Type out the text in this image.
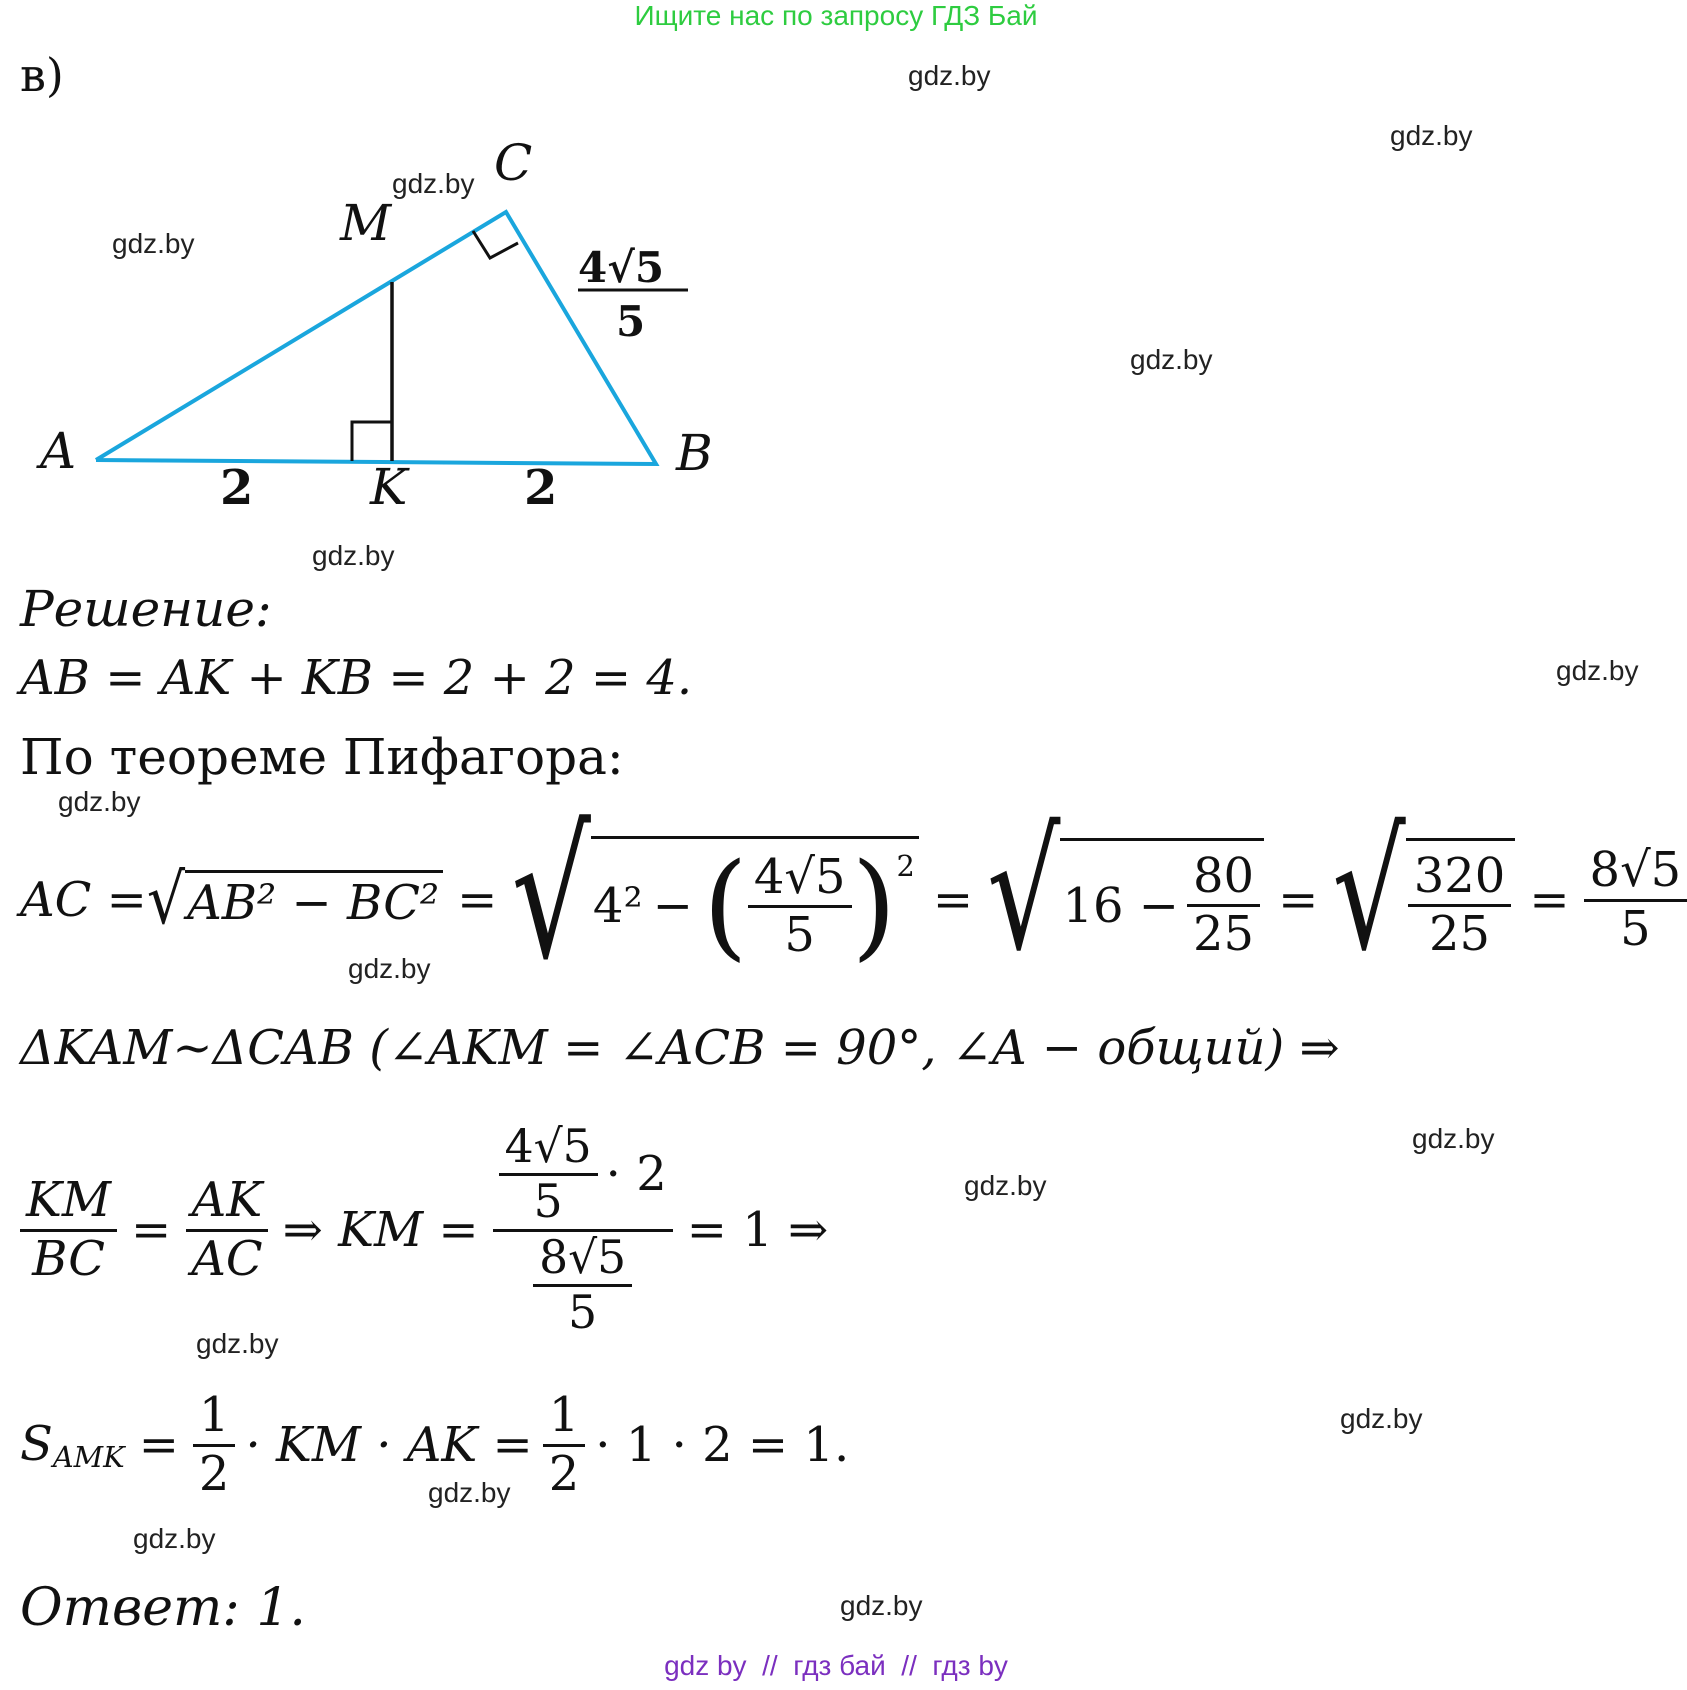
Ищите нас по запросу ГДЗ Бай
в)	gdz.by
gdz.by
gdz.by
gdz.by
gdz.by
gdz.by
gdz.by
gdz.by
gdz.by
gdz.by
gdz.by
gdz.by
gdz.by
gdz.by
gdz.by
gdz.by
A	B
C
M
K
2	2
4√5
5
Решение:
AB = AK + KB = 2 + 2 = 4.
По теореме Пифагора:
AC = √ AB² − BC² = √ 4² − ( $\frac{4√5}{5}$ ) 2
= √ $16 - \frac{80}{25}$ = √ $\frac{320}{25} = \frac{8√5}{5}$
ΔKAM~ΔCAB (∠AKM = ∠ACB = 90°, ∠A − общий) ⇒
$\frac{KM}{BC} = \frac{AK}{AC}$ ⇒ KM = $\frac{\frac{4√5}{5} \cdot 2}{\frac{8√5}{5}} = 1$ ⇒
$S_{AMK} = \frac{1}{2}$ · KM · AK = $\frac{1}{2} \cdot 1 \cdot 2 = 1$.
Ответ: 1.
gdz by  //  гдз бай  //  гдз by
